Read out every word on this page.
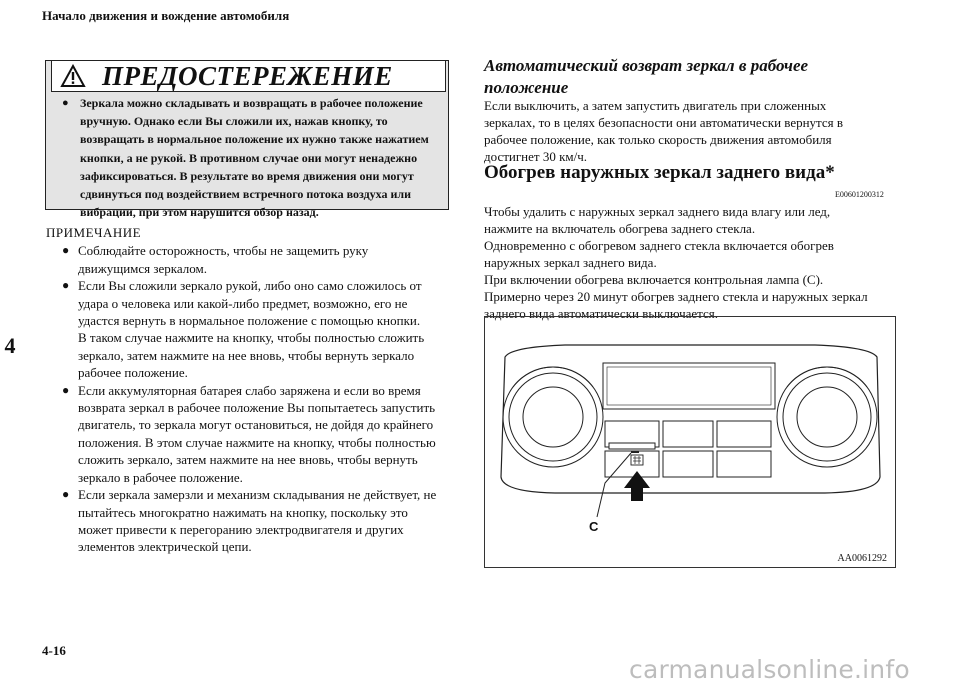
Начало движения и вождение автомобиля
4
ПРЕДОСТЕРЕЖЕНИЕ
● Зеркала можно складывать и возвращать в рабочее положение
вручную. Однако если Вы сложили их, нажав кнопку, то
возвращать в нормальное положение их нужно также нажатием
кнопки, а не рукой. В противном случае они могут ненадежно
зафиксироваться. В результате во время движения они могут
сдвинуться под воздействием встречного потока воздуха или
вибрации, при этом нарушится обзор назад.
ПРИМЕЧАНИЕ
● Соблюдайте осторожность, чтобы не защемить руку
движущимся зеркалом.
● Если Вы сложили зеркало рукой, либо оно само сложилось от
удара о человека или какой-либо предмет, возможно, его не
удастся вернуть в нормальное положение с помощью кнопки.
В таком случае нажмите на кнопку, чтобы полностью сложить
зеркало, затем нажмите на нее вновь, чтобы вернуть зеркало
рабочее положение.
● Если аккумуляторная батарея слабо заряжена и если во время
возврата зеркал в рабочее положение Вы попытаетесь запустить
двигатель, то зеркала могут остановиться, не дойдя до крайнего
положения. В этом случае нажмите на кнопку, чтобы полностью
сложить зеркало, затем нажмите на нее вновь, чтобы вернуть
зеркало в рабочее положение.
● Если зеркала замерзли и механизм складывания не действует, не
пытайтесь многократно нажимать на кнопку, поскольку это
может привести к перегоранию электродвигателя и других
элементов электрической цепи.
Автоматический возврат зеркал в рабочее
положение
Если выключить, а затем запустить двигатель при сложенных
зеркалах, то в целях безопасности они автоматически вернутся в
рабочее положение, как только скорость движения автомобиля
достигнет 30 км/ч.
Обогрев наружных зеркал заднего вида*
E00601200312
Чтобы удалить с наружных зеркал заднего вида влагу или лед,
нажмите на включатель обогрева заднего стекла.
Одновременно с обогревом заднего стекла включается обогрев
наружных зеркал заднего вида.
При включении обогрева включается контрольная лампа (C).
Примерно через 20 минут обогрев заднего стекла и наружных зеркал
заднего вида автоматически выключается.
C
AA0061292
4-16
carmanualsonline.info
